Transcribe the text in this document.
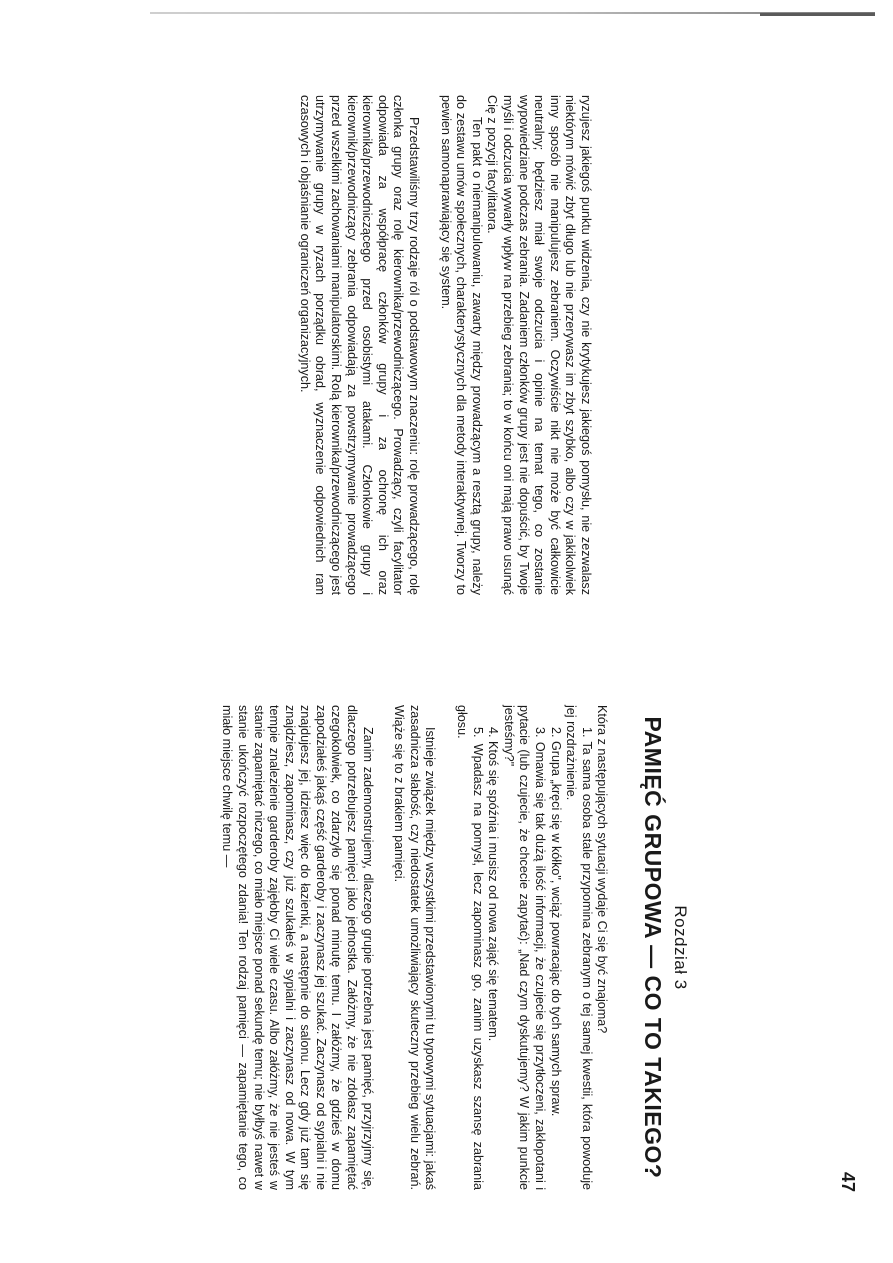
ryzujesz jakiegoś punktu widzenia, czy nie krytykujesz jakiegoś pomysłu, nie zezwalasz niektórym mówić zbyt długo lub nie przerywasz im zbyt szybko, albo czy w jakikolwiek inny sposób nie manipulujesz zebraniem. Oczywiście nikt nie może być całkowicie neutralny; będziesz miał swoje odczucia i opinie na temat tego, co zostanie wypowiedziane podczas zebrania. Zadaniem członków grupy jest nie dopuścić, by Twoje myśli i odczucia wywarły wpływ na przebieg zebrania; to w końcu oni mają prawo usunąć Cię z pozycji facylitatora.

Ten pakt o niemanipulowaniu, zawarty między prowadzącym a resztą grupy, należy do zestawu umów społecznych, charakterystycznych dla metody interaktywnej. Tworzy to pewien samonaprawiający się system.

Przedstawiliśmy trzy rodzaje ról o podstawowym znaczeniu: rolę prowadzącego, rolę członka grupy oraz rolę kierownika/przewodniczącego. Prowadzący, czyli facylitator odpowiada za współpracę członków grupy i za ochronę ich oraz kierownika/przewodniczącego przed osobistymi atakami. Członkowie grupy i kierownik/przewodniczący zebrania odpowiadają za powstrzymywanie prowadzącego przed wszelkimi zachowaniami manipulatorskimi. Rolą kierownika/przewodniczącego jest utrzymywanie grupy w ryzach porządku obrad, wyznaczenie odpowiednich ram czasowych i objaśnianie ograniczeń organizacyjnych.

Rozdział 3

PAMIĘĆ GRUPOWA — CO TO TAKIEGO?

Która z następujących sytuacji wydaje Ci się być znajoma?

1. Ta sama osoba stale przypomina zebranym o tej samej kwestii, która powoduje jej rozdrażnienie.

2. Grupa „kręci się w kółko", wciąż powracając do tych samych spraw.

3. Omawia się tak dużą ilość informacji, że czujecie się przytłoczeni, zakłopotani i pytacie (lub czujecie, że chcecie zapytać): „Nad czym dyskutujemy? W jakim punkcie jesteśmy?"

4. Ktoś się spóźnia i musisz od nowa zająć się tematem.

5. Wpadasz na pomysł, lecz zapominasz go, zanim uzyskasz szansę zabrania głosu.

Istnieje związek między wszystkimi przedstawionymi tu typowymi sytuacjami: jakaś zasadnicza słabość, czy niedostatek umożliwiający skuteczny przebieg wielu zebrań. Wiąże się to z brakiem pamięci.

Zanim zademonstrujemy, dlaczego grupie potrzebna jest pamięć, przyjrzyjmy się, dlaczego potrzebujesz pamięci jako jednostka. Załóżmy, że nie zdołasz zapamiętać czegokolwiek, co zdarzyło się ponad minutę temu. I załóżmy, że gdzieś w domu zapodziałeś jakąś część garderoby i zaczynasz jej szukać. Zaczynasz od sypialni i nie znajdujesz jej, idziesz więc do łazienki, a następnie do salonu. Lecz gdy już tam się znajdziesz, zapominasz, czy już szukałeś w sypialni i zaczynasz od nowa. W tym tempie znalezienie garderoby zajęłoby Ci wiele czasu. Albo załóżmy, że nie jesteś w stanie zapamiętać niczego, co miało miejsce ponad sekundę temu; nie byłbyś nawet w stanie ukończyć rozpoczętego zdania! Ten rodzaj pamięci — zapamiętanie tego, co miało miejsce chwilę temu —

47
